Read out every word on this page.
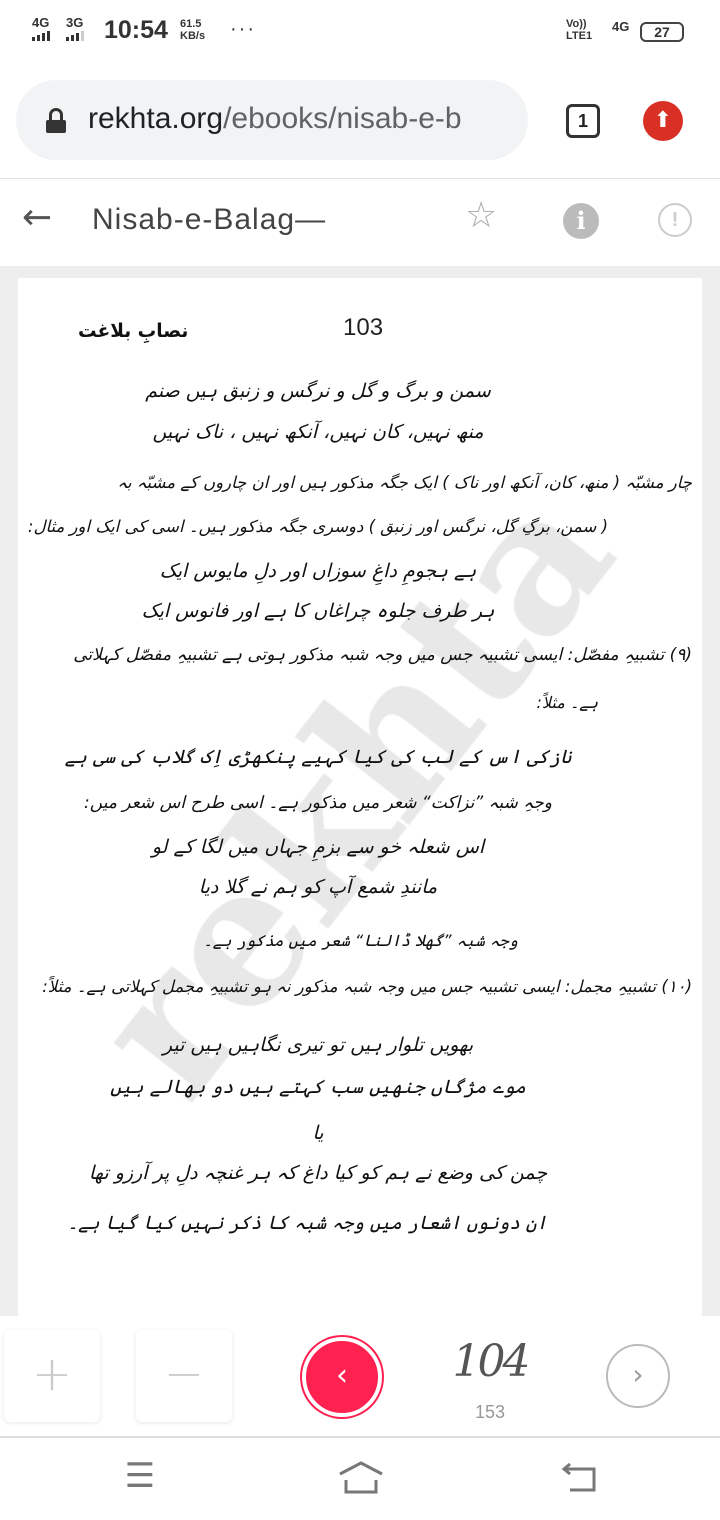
4G 3G 10:54 61.5
KB/s ···	Vo)) LTE1
4G	27
rekhta.org/ebooks/nisab-e-b	1	⬆
← Nisab-e-Balag—	☆	i	!
نصابِ بلاغت	103
سمن و برگ و گل و نرگس و زنبق ہیں صنم
منھ نہیں، کان نہیں، آنکھ نہیں ، ناک نہیں
چار مشبّہ ( منھ، کان، آنکھ اور ناک ) ایک جگہ مذکور ہیں اور ان چاروں کے مشبّہ بہ
( سمن، برگِ گل، نرگس اور زنبق ) دوسری جگہ مذکور ہیں۔ اسی کی ایک اور مثال:
ہے ہجومِ داغِ سوزاں اور دلِ مایوس ایک
ہر طرف جلوہ چراغاں کا ہے اور فانوس ایک
(۹) تشبیہِ مفصّل: ایسی تشبیہ جس میں وجہ شبہ مذکور ہوتی ہے تشبیہِ مفصّل کہلاتی
ہے۔ مثلاً:
نازکی اس کے لب کی کیا کہیے پنکھڑی اِک گلاب کی سی ہے
وجہِ شبہ ”نزاکت“ شعر میں مذکور ہے۔ اسی طرح اس شعر میں:
اس شعلہ خو سے بزمِ جہاں میں لگا کے لو
مانندِ شمع آپ کو ہم نے گلا دیا
وجہ شبہ ”گھلا ڈالنا“ شعر میں مذکور ہے۔
(۱۰) تشبیہِ مجمل: ایسی تشبیہ جس میں وجہ شبہ مذکور نہ ہو تشبیہِ مجمل کہلاتی ہے۔ مثلاً:
بھویں تلوار ہیں تو تیری نگاہیں ہیں تیر
موے مژگاں جنھیں سب کہتے ہیں دو بھالے ہیں
یا
چمن کی وضع نے ہم کو کیا داغ کہ ہر غنچہ دلِ پر آرزو تھا
ان دونوں اشعار میں وجہ شبہ کا ذکر نہیں کیا گیا ہے۔
+	−	‹	104
153
›
☰
